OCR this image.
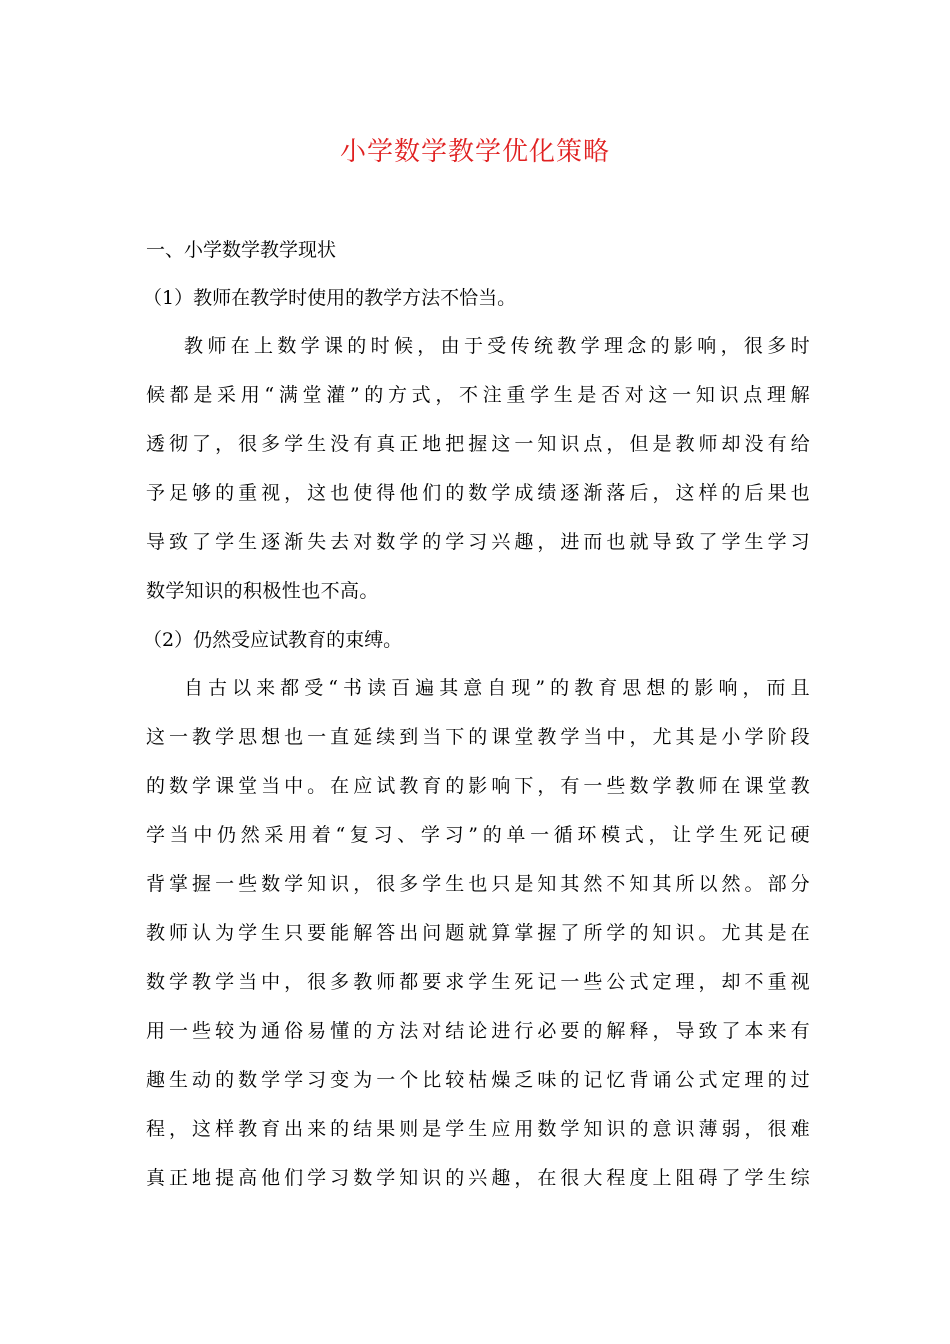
小学数学教学优化策略

一、小学数学教学现状

（1）教师在教学时使用的教学方法不恰当。

教师在上数学课的时候，由于受传统教学理念的影响，很多时
候都是采用“满堂灌”的方式，不注重学生是否对这一知识点理解
透彻了，很多学生没有真正地把握这一知识点，但是教师却没有给
予足够的重视，这也使得他们的数学成绩逐渐落后，这样的后果也
导致了学生逐渐失去对数学的学习兴趣，进而也就导致了学生学习
数学知识的积极性也不高。

（2）仍然受应试教育的束缚。

自古以来都受“书读百遍其意自现”的教育思想的影响，而且
这一教学思想也一直延续到当下的课堂教学当中，尤其是小学阶段
的数学课堂当中。在应试教育的影响下，有一些数学教师在课堂教
学当中仍然采用着“复习、学习”的单一循环模式，让学生死记硬
背掌握一些数学知识，很多学生也只是知其然不知其所以然。部分
教师认为学生只要能解答出问题就算掌握了所学的知识。尤其是在
数学教学当中，很多教师都要求学生死记一些公式定理，却不重视
用一些较为通俗易懂的方法对结论进行必要的解释，导致了本来有
趣生动的数学学习变为一个比较枯燥乏味的记忆背诵公式定理的过
程，这样教育出来的结果则是学生应用数学知识的意识薄弱，很难
真正地提高他们学习数学知识的兴趣，在很大程度上阻碍了学生综
